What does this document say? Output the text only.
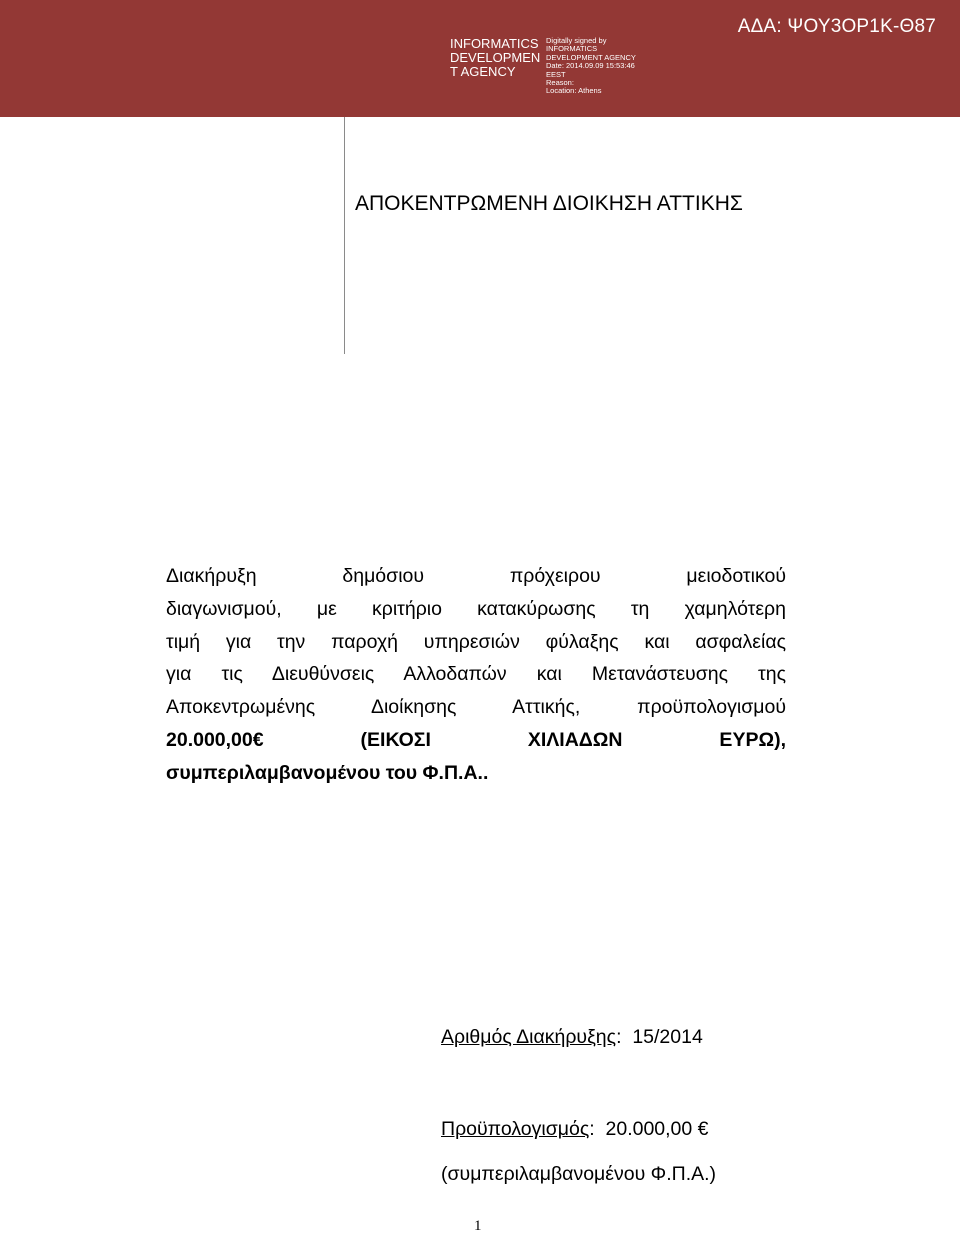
INFORMATICS DEVELOPMEN T AGENCY
Digitally signed by
INFORMATICS
DEVELOPMENT AGENCY
Date: 2014.09.09 15:53:46
EEST
Reason:
Location: Athens
ΑΔΑ: ΨΟΥ3ΟΡ1Κ-Θ87
ΑΠΟΚΕΝΤΡΩΜΕΝΗ ΔΙΟΙΚΗΣΗ ΑΤΤΙΚΗΣ
Διακήρυξη δημόσιου πρόχειρου μειοδοτικού
διαγωνισμού, με κριτήριο κατακύρωσης τη χαμηλότερη
τιμή για την παροχή υπηρεσιών φύλαξης και ασφαλείας
για τις Διευθύνσεις Αλλοδαπών και Μετανάστευσης της
Αποκεντρωμένης Διοίκησης Αττικής, προϋπολογισμού
20.000,00€ (ΕΙΚΟΣΙ ΧΙΛΙΑΔΩΝ ΕΥΡΩ),
συμπεριλαμβανομένου του Φ.Π.Α..
Αριθμός Διακήρυξης:  15/2014
Προϋπολογισμός:  20.000,00 €
(συμπεριλαμβανομένου Φ.Π.Α.)
1
